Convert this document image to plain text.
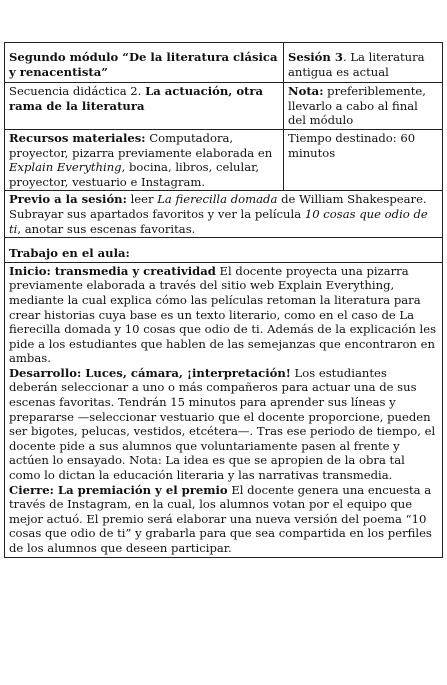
Segundo módulo “De la literatura clásica y renacentista”	Sesión 3. La literatura antigua es actual
Secuencia didáctica 2. La actuación, otra rama de la literatura	Nota: preferiblemente, llevarlo a cabo al final del módulo
Recursos materiales: Computadora, proyector, pizarra previamente elaborada en Explain Everything, bocina, libros, celular, proyector, vestuario e Instagram.	Tiempo destinado: 60 minutos
Previo a la sesión: leer La fierecilla domada de William Shakespeare. Subrayar sus apartados favoritos y ver la película 10 cosas que odio de ti, anotar sus escenas favoritas.	
Trabajo en el aula:	

Inicio: transmedia y creatividad El docente proyecta una pizarra previamente elaborada a través del sitio web Explain Everything, mediante la cual explica cómo las películas retoman la literatura para crear historias cuya base es un texto literario, como en el caso de La fierecilla domada y 10 cosas que odio de ti. Además de la explicación les pide a los estudiantes que hablen de las semejanzas que encontraron en ambas.

Desarrollo: Luces, cámara, ¡interpretación! Los estudiantes deberán seleccionar a uno o más compañeros para actuar una de sus escenas favoritas. Tendrán 15 minutos para aprender sus líneas y prepararse —seleccionar vestuario que el docente proporcione, pueden ser bigotes, pelucas, vestidos, etcétera—. Tras ese periodo de tiempo, el docente pide a sus alumnos que voluntariamente pasen al frente y actúen lo ensayado. Nota: La idea es que se apropien de la obra tal como lo dictan la educación literaria y las narrativas transmedia. Cierre: La premiación y el premio El docente genera una encuesta a través de Instagram, en la cual, los alumnos votan por el equipo que mejor actuó. El premio será elaborar una nueva versión del poema “10 cosas que odio de ti” y grabarla para que sea compartida en los perfiles de los alumnos que deseen participar.	
